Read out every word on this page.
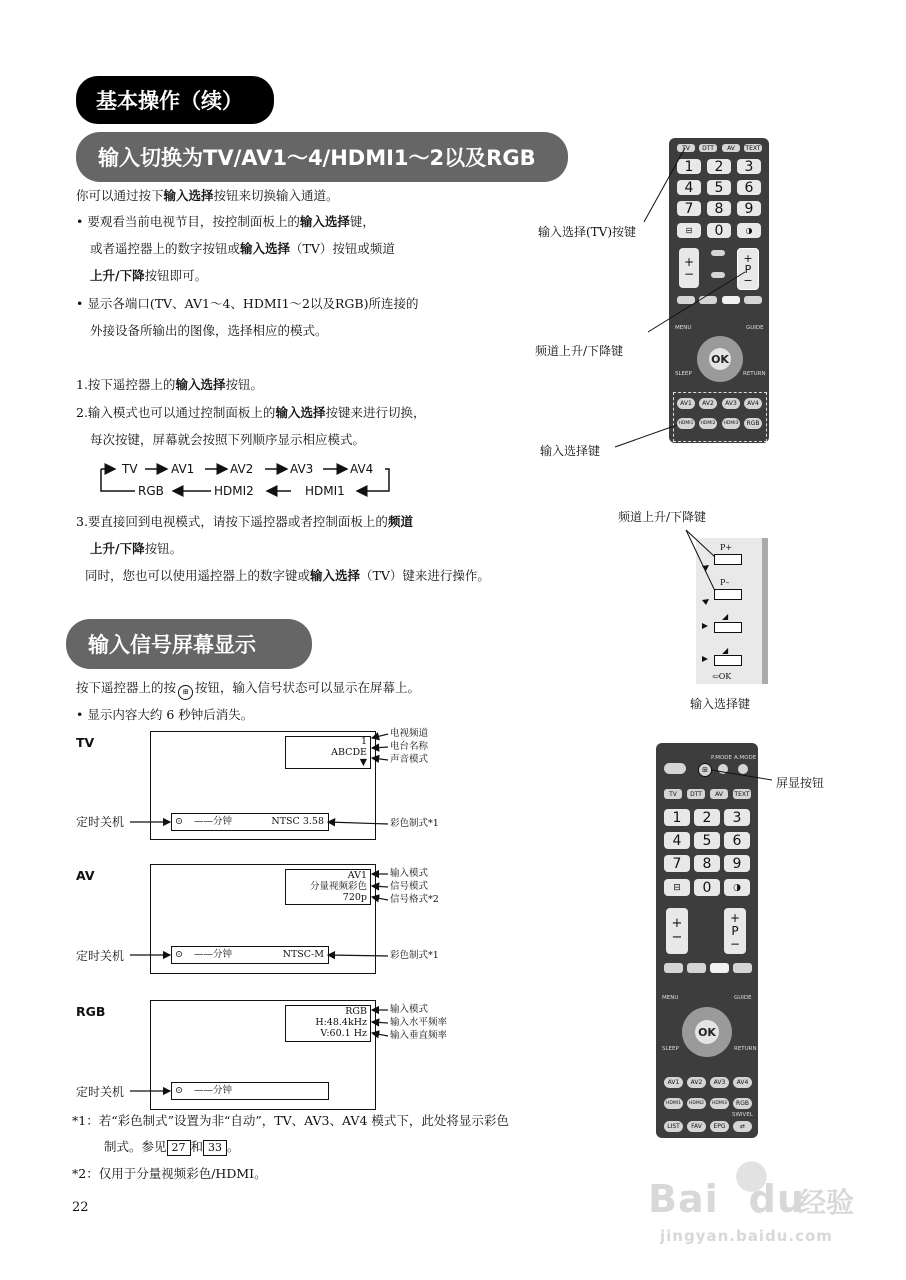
基本操作（续）
输入切换为TV/AV1～4/HDMI1～2以及RGB
你可以通过按下输入选择按钮来切换输入通道。
• 要观看当前电视节目，按控制面板上的输入选择键，
或者遥控器上的数字按钮或输入选择（TV）按钮或频道
上升/下降按钮即可。
• 显示各端口(TV、AV1～4、HDMI1～2以及RGB)所连接的
外接设备所输出的图像，选择相应的模式。
1.按下遥控器上的输入选择按钮。
2.输入模式也可以通过控制面板上的输入选择按键来进行切换，
每次按键，屏幕就会按照下列顺序显示相应模式。
TV	AV1	AV2	AV3	AV4
RGB	HDMI2	HDMI1
3.要直接回到电视模式，请按下遥控器或者控制面板上的频道
上升/下降按钮。
同时，您也可以使用遥控器上的数字键或输入选择（TV）键来进行操作。
输入信号屏幕显示
按下遥控器上的按 ⊞ 按钮，输入信号状态可以显示在屏幕上。
• 显示内容大约 6 秒钟后消失。
TV	1
ABCDE
▼
⊙ ——分钟	NTSC 3.58
定时关机
电视频道
电台名称
声音模式
彩色制式*1
AV	AV1
分量视频彩色
720p
⊙ ——分钟	NTSC-M
定时关机
输入模式
信号模式
信号格式*2
彩色制式*1
RGB	RGB
H:48.4kHz
V:60.1 Hz
⊙ ——分钟
定时关机
输入模式
输入水平频率
输入垂直频率
*1：若“彩色制式”设置为非“自动”，TV、AV3、AV4 模式下，此处将显示彩色
制式。参见 27 和 33 。
*2：仅用于分量视频彩色/HDMI。
22
TV	DTT	AV	TEXT
1	2	3
4	5	6
7	8	9
⊟	0	◑
+
−
+
P
−
MENU	GUIDE
OK
SLEEP	RETURN
AV1	AV2	AV3	AV4
HDMI1	HDMI2	HDMI3	RGB
输入选择(TV)按键
频道上升/下降键
输入选择键
频道上升/下降键
P+
P–
◢
◢
⇦OK
输入选择键
P.MODE A.MODE
⊞
TV	DTT	AV	TEXT
1	2	3
4	5	6
7	8	9
⊟	0	◑
+
−
+
P
−
MENU	GUIDE
OK
SLEEP	RETURN
AV1	AV2	AV3	AV4
HDMI1	HDMI2	HDMI3	RGB
SWIVEL
LIST	FAV	EPG	⇄
屏显按钮
●
Bai du
经验
jingyan.baidu.com
